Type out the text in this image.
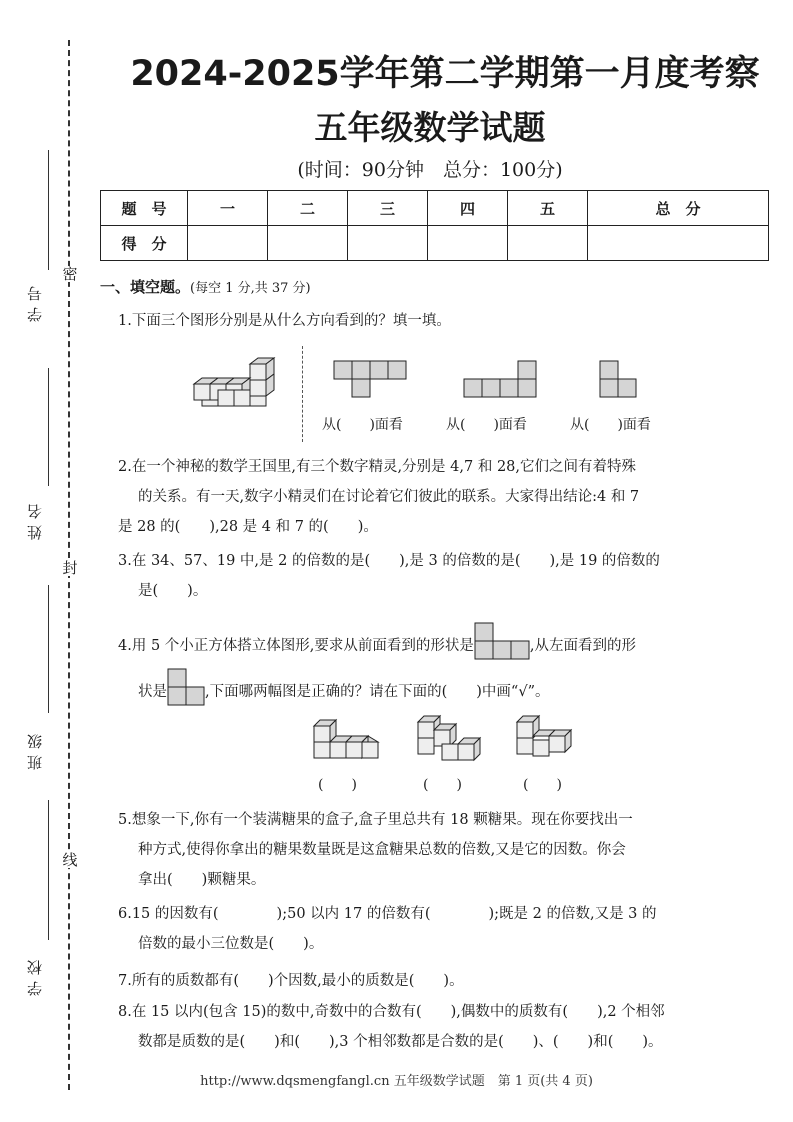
密
封
线
学号
姓名
班级
学校
2024-2025学年第二学期第一月度考察
五年级数学试题
(时间：90分钟　总分：100分)
题　号	一	二	三	四	五	总　分
得　分						
一、填空题。(每空 1 分,共 37 分)
1.下面三个图形分别是从什么方向看到的？填一填。
从(　　)面看	从(　　)面看	从(　　)面看
2.在一个神秘的数学王国里,有三个数字精灵,分别是 4,7 和 28,它们之间有着特殊
的关系。有一天,数字小精灵们在讨论着它们彼此的联系。大家得出结论:4 和 7
是 28 的(　　),28 是 4 和 7 的(　　)。
3.在 34、57、19 中,是 2 的倍数的是(　　),是 3 的倍数的是(　　),是 19 的倍数的
是(　　)。
4.用 5 个小正方体搭立体图形,要求从前面看到的形状是	,从左面看到的形
状是	,下面哪两幅图是正确的？请在下面的(　　)中画“√”。
(　　)	(　　)	(　　)
5.想象一下,你有一个装满糖果的盒子,盒子里总共有 18 颗糖果。现在你要找出一
种方式,使得你拿出的糖果数量既是这盒糖果总数的倍数,又是它的因数。你会
拿出(　　)颗糖果。
6.15 的因数有(　　　　);50 以内 17 的倍数有(　　　　);既是 2 的倍数,又是 3 的
倍数的最小三位数是(　　)。
7.所有的质数都有(　　)个因数,最小的质数是(　　)。
8.在 15 以内(包含 15)的数中,奇数中的合数有(　　),偶数中的质数有(　　),2 个相邻
数都是质数的是(　　)和(　　),3 个相邻数都是合数的是(　　)、(　　)和(　　)。
http://www.dqsmengfangl.cn 五年级数学试题　第 1 页(共 4 页)
